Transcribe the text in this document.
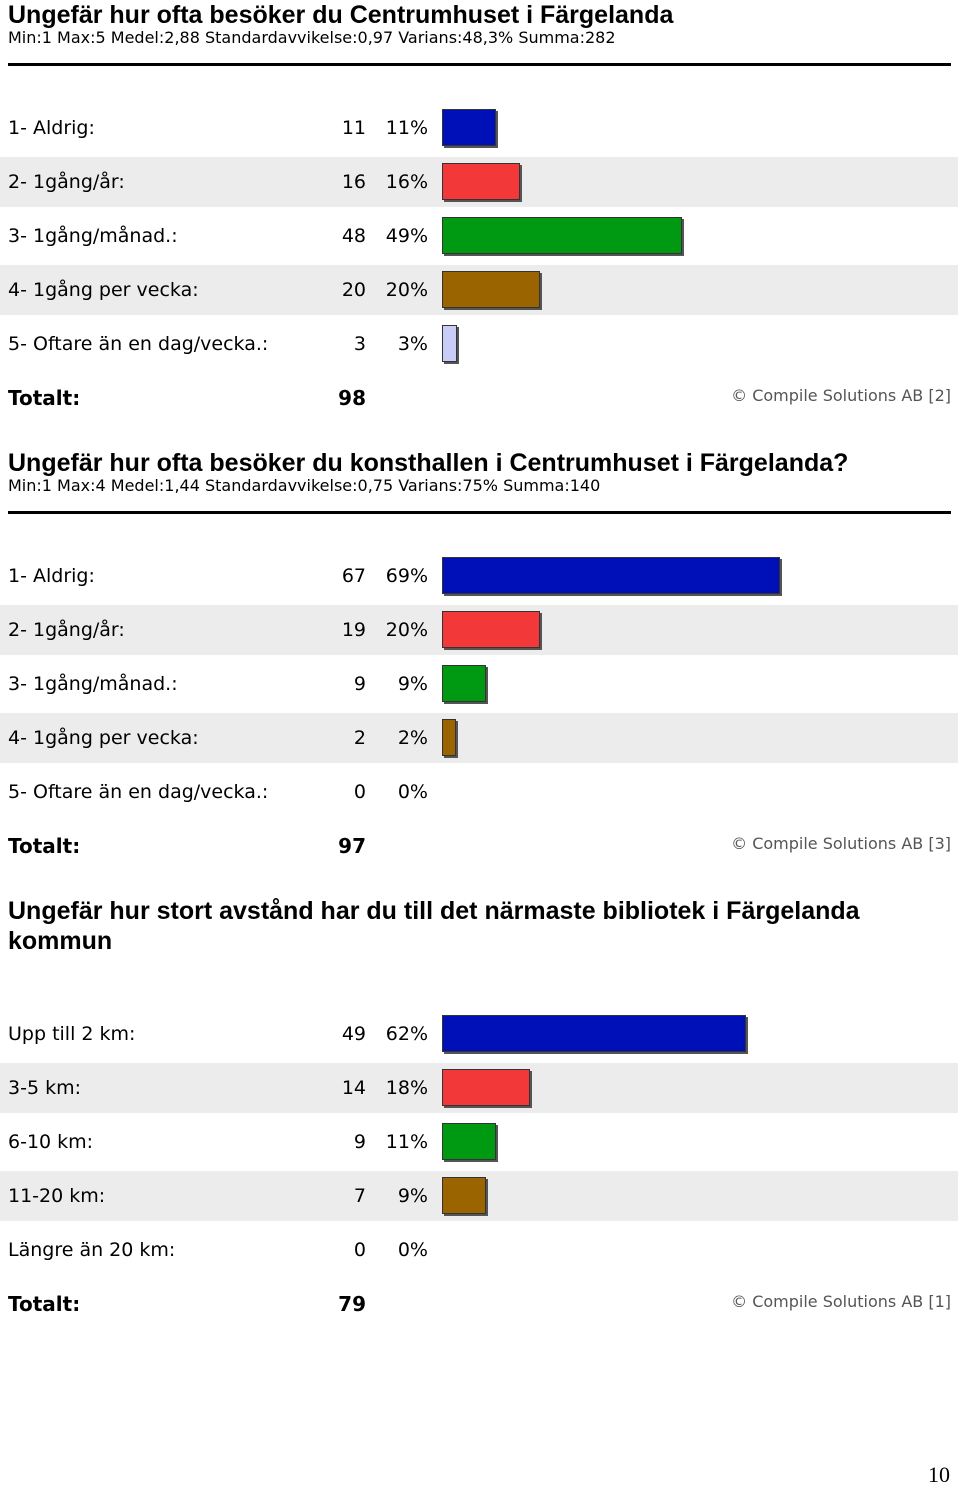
Ungefär hur ofta besöker du Centrumhuset i Färgelanda
Min:1 Max:5 Medel:2,88 Standardavvikelse:0,97 Varians:48,3% Summa:282
1- Aldrig:	11	11%
2- 1gång/år:	16	16%
3- 1gång/månad.:	48	49%
4- 1gång per vecka:	20	20%
5- Oftare än en dag/vecka.:	3	3%
Totalt:	98	© Compile Solutions AB [2]
Ungefär hur ofta besöker du konsthallen i Centrumhuset i Färgelanda?
Min:1 Max:4 Medel:1,44 Standardavvikelse:0,75 Varians:75% Summa:140
1- Aldrig:	67	69%
2- 1gång/år:	19	20%
3- 1gång/månad.:	9	9%
4- 1gång per vecka:	2	2%
5- Oftare än en dag/vecka.:	0	0%
Totalt:	97	© Compile Solutions AB [3]
Ungefär hur stort avstånd har du till det närmaste bibliotek i Färgelanda kommun
Upp till 2 km:	49	62%
3-5 km:	14	18%
6-10 km:	9	11%
11-20 km:	7	9%
Längre än 20 km:	0	0%
Totalt:	79	© Compile Solutions AB [1]
10
